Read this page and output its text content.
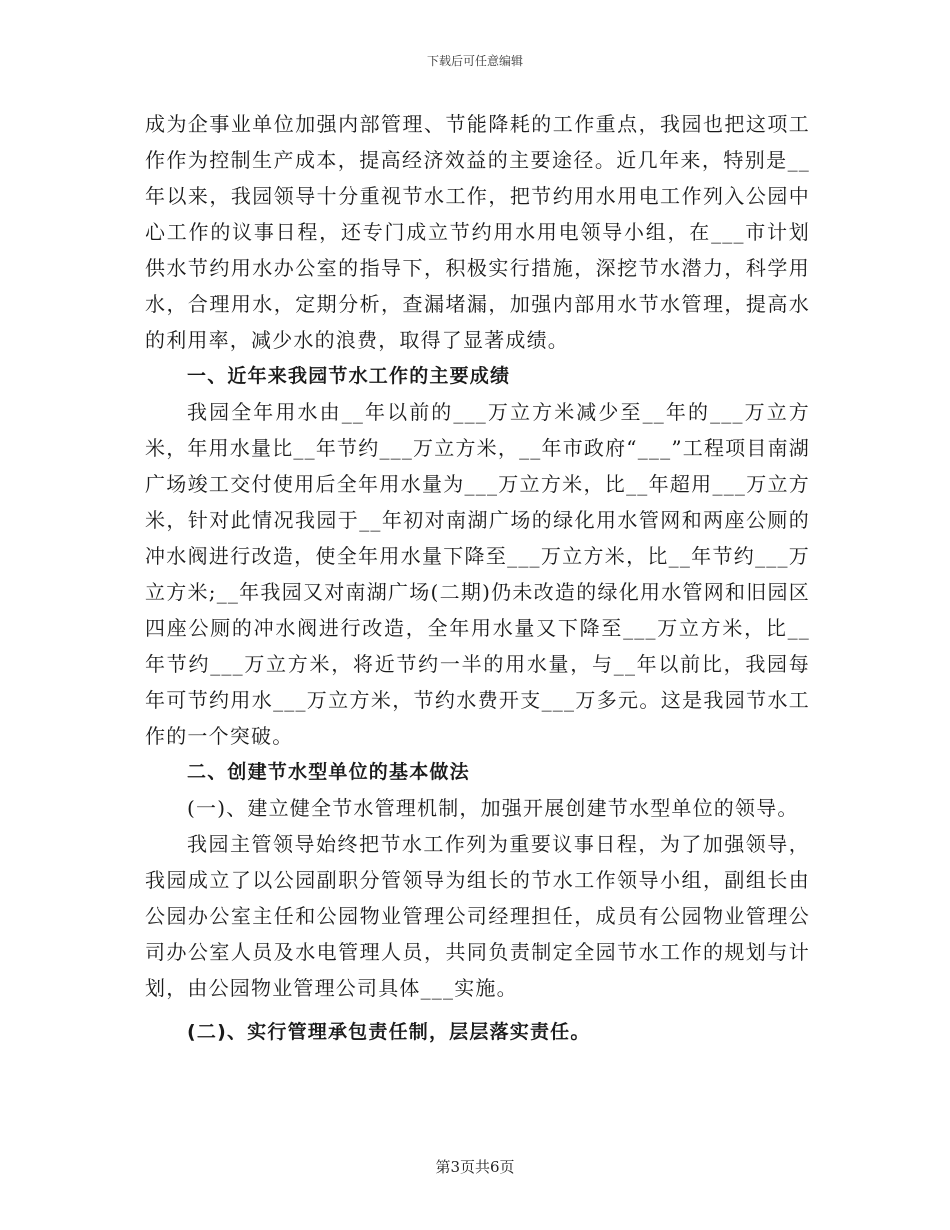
下载后可任意编辑

成为企事业单位加强内部管理、节能降耗的工作重点，我园也把这项工作作为控制生产成本，提高经济效益的主要途径。近几年来，特别是__年以来，我园领导十分重视节水工作，把节约用水用电工作列入公园中心工作的议事日程，还专门成立节约用水用电领导小组，在___市计划供水节约用水办公室的指导下，积极实行措施，深挖节水潜力，科学用水，合理用水，定期分析，查漏堵漏，加强内部用水节水管理，提高水的利用率，减少水的浪费，取得了显著成绩。

一、近年来我园节水工作的主要成绩

我园全年用水由__年以前的___万立方米减少至__年的___万立方米，年用水量比__年节约___万立方米，__年市政府“___”工程项目南湖广场竣工交付使用后全年用水量为___万立方米，比__年超用___万立方米，针对此情况我园于__年初对南湖广场的绿化用水管网和两座公厕的冲水阀进行改造，使全年用水量下降至___万立方米，比__年节约___万立方米;__年我园又对南湖广场(二期)仍未改造的绿化用水管网和旧园区四座公厕的冲水阀进行改造，全年用水量又下降至___万立方米，比__年节约___万立方米，将近节约一半的用水量，与__年以前比，我园每年可节约用水___万立方米，节约水费开支___万多元。这是我园节水工作的一个突破。

二、创建节水型单位的基本做法

(一)、建立健全节水管理机制，加强开展创建节水型单位的领导。

我园主管领导始终把节水工作列为重要议事日程，为了加强领导，我园成立了以公园副职分管领导为组长的节水工作领导小组，副组长由公园办公室主任和公园物业管理公司经理担任，成员有公园物业管理公司办公室人员及水电管理人员，共同负责制定全园节水工作的规划与计划，由公园物业管理公司具体___实施。

(二)、实行管理承包责任制，层层落实责任。

第3页共6页
